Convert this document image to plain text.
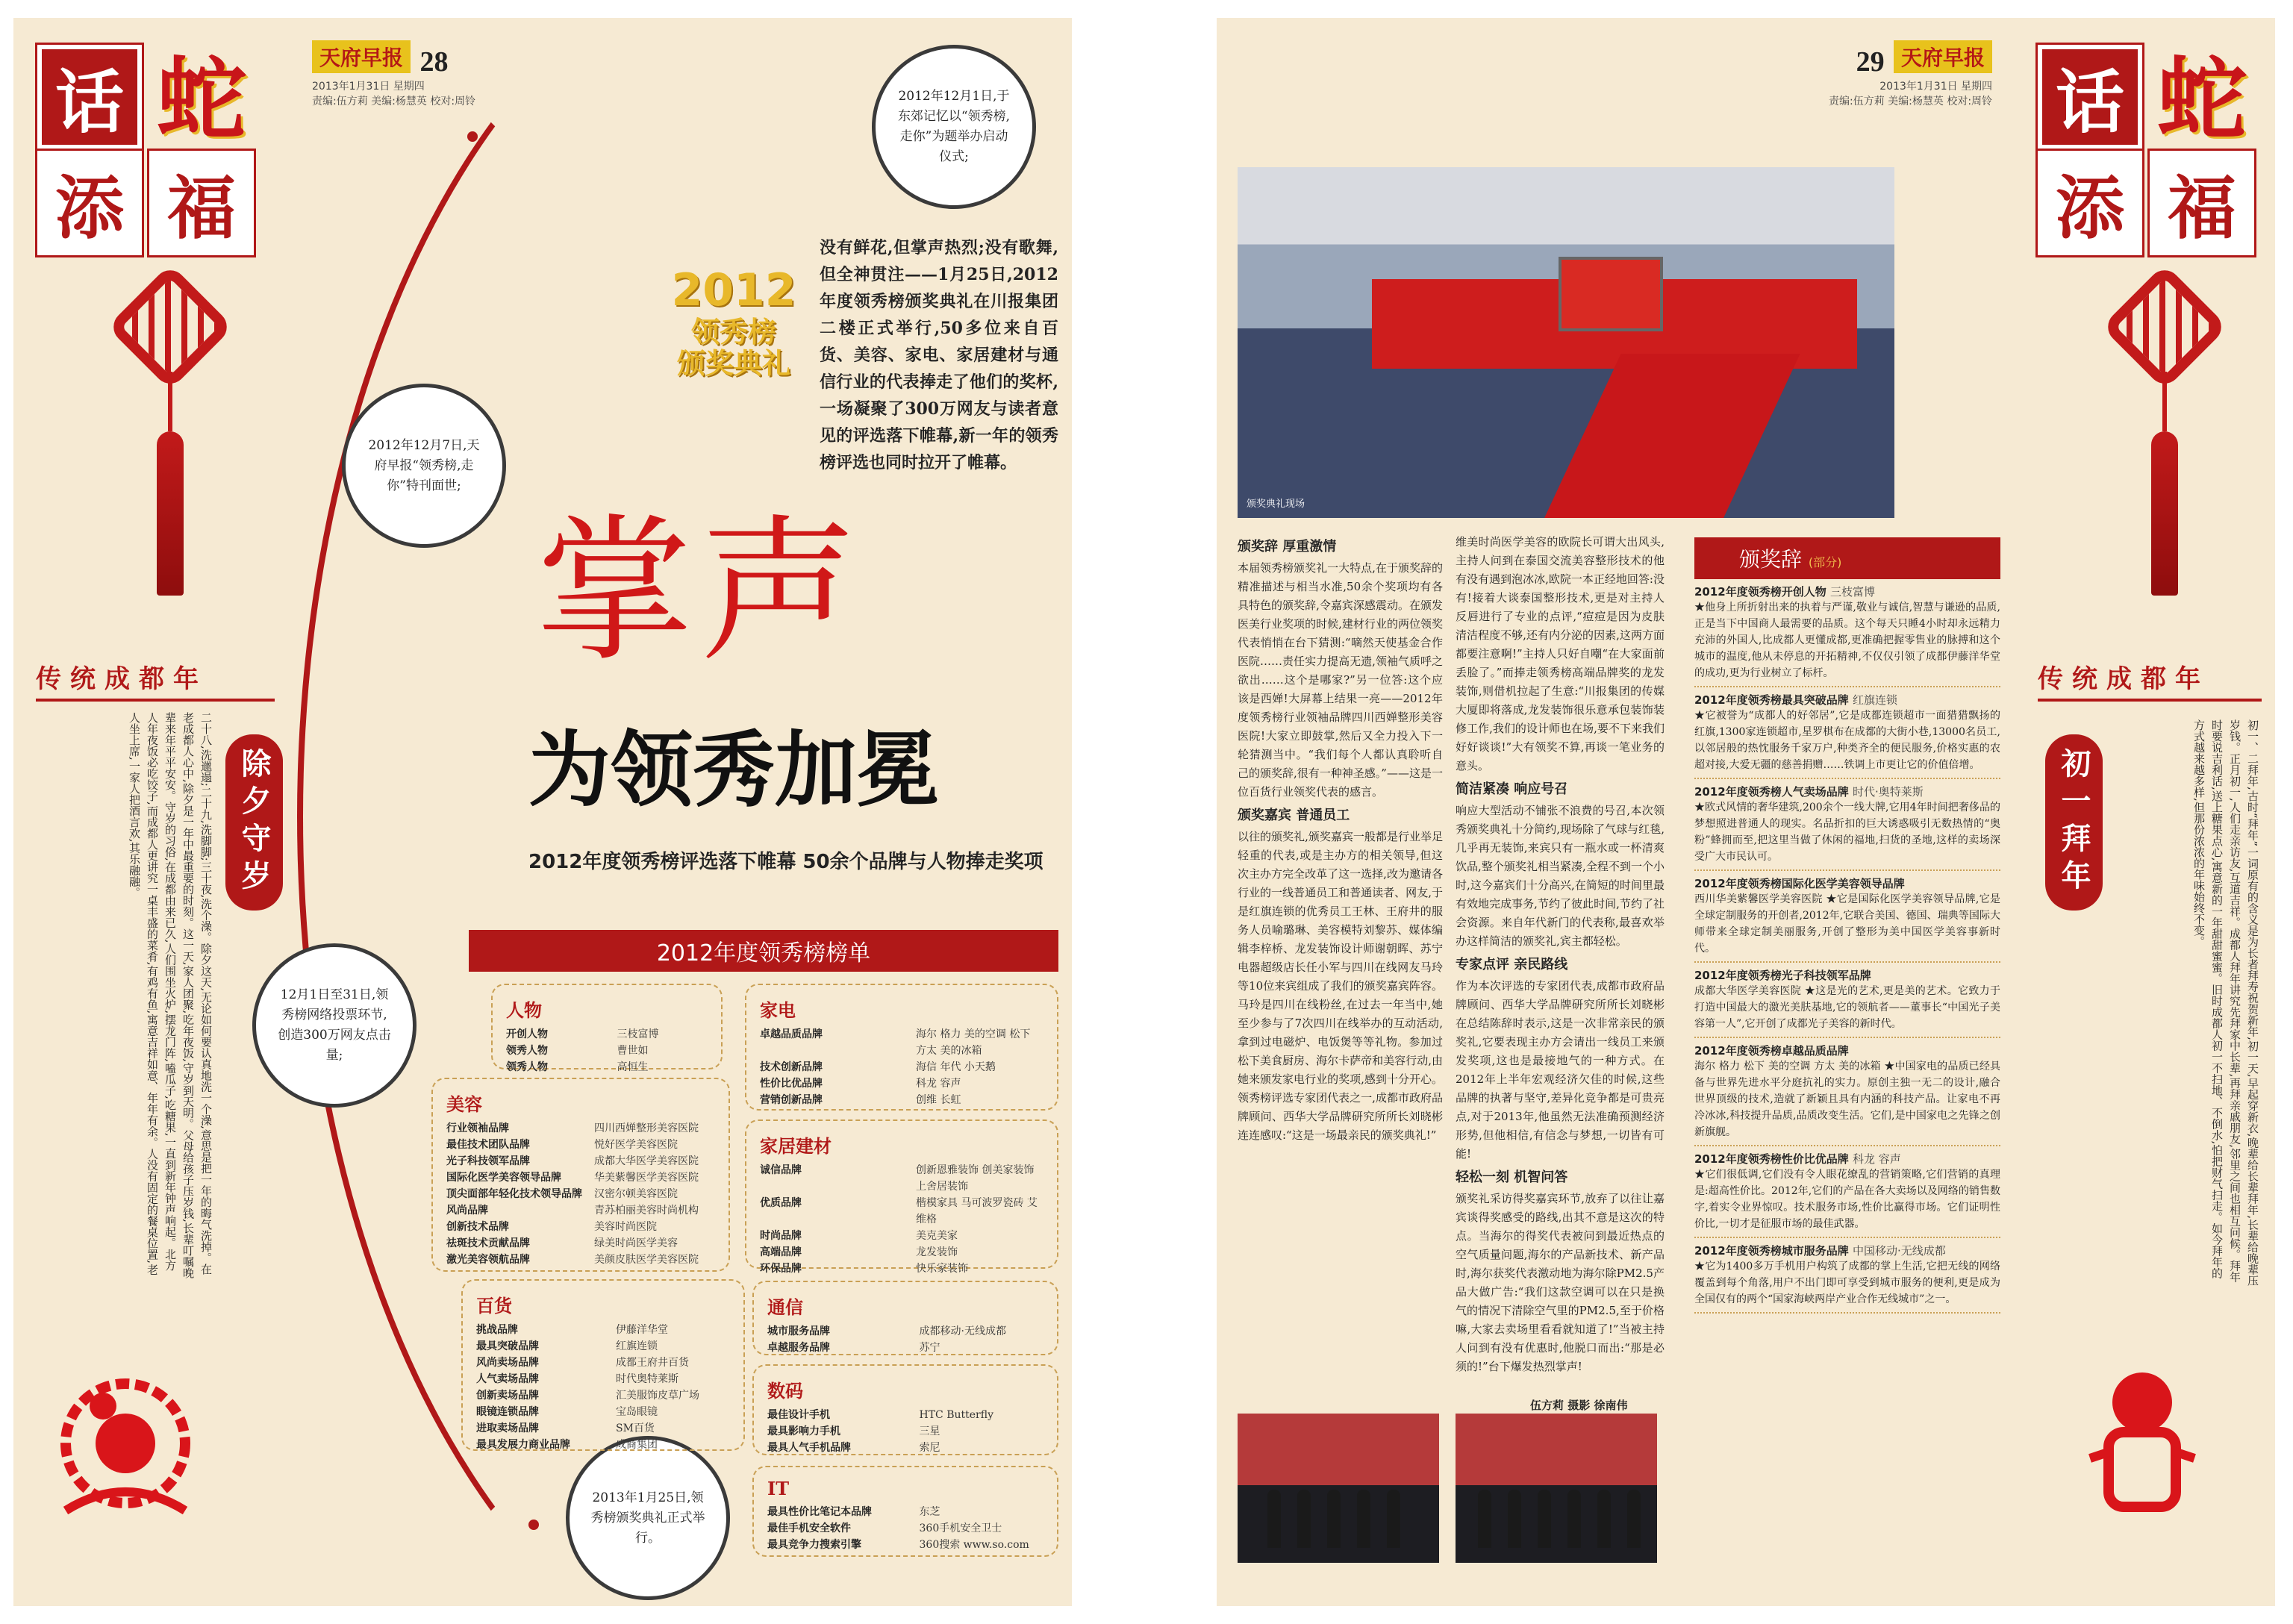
天府早报 28
2013年1月31日 星期四
责编:伍方莉 美编:杨慧英 校对:周铃
话
添 福
蛇
传统成都年
二十八,洗邋遢;二十九,洗脚脚;三十夜,洗个澡。除夕这天,无论如何要认真地洗一个澡,意思是把一年的晦气洗掉。在老成都人心中,除夕是一年中最重要的时刻。这一天,家人团聚,吃年夜饭,守岁到天明。父母给孩子压岁钱,长辈叮嘱晚辈来年平平安安。守岁的习俗,在成都由来已久,人们围坐火炉,摆龙门阵,嗑瓜子,吃糖果,一直到新年钟声响起。北方人年夜饭必吃饺子,而成都人更讲究一桌丰盛的菜肴,有鸡有鱼,寓意吉祥如意、年年有余。人没有固定的餐桌位置,老人坐上席,一家人把酒言欢,其乐融融。	除夕守岁
2012年12月1日,于东郊记忆以“领秀榜,走你”为题举办启动仪式;
2012年12月7日,天府早报“领秀榜,走你”特刊面世;
12月1日至31日,领秀榜网络投票环节,创造300万网友点击量;
2013年1月25日,领秀榜颁奖典礼正式举行。
2012
领秀榜
颁奖典礼
没有鲜花,但掌声热烈;没有歌舞,但全神贯注——1月25日,2012年度领秀榜颁奖典礼在川报集团二楼正式举行,50多位来自百货、美容、家电、家居建材与通信行业的代表捧走了他们的奖杯,一场凝聚了300万网友与读者意见的评选落下帷幕,新一年的领秀榜评选也同时拉开了帷幕。
掌声
为领秀加冕
2012年度领秀榜评选落下帷幕 50余个品牌与人物捧走奖项
2012年度领秀榜榜单
人物
开创人物	三枝富博
领秀人物	曹世如
领秀人物	高恒生
美容
行业领袖品牌	四川西婵整形美容医院
最佳技术团队品牌	悦好医学美容医院
光子科技领军品牌	成都大华医学美容医院
国际化医学美容领导品牌	华美紫馨医学美容医院
顶尖面部年轻化技术领导品牌	汉密尔顿美容医院
风尚品牌	青苏柏丽美容时尚机构
创新技术品牌	美容时尚医院
祛斑技术贡献品牌	绿美时尚医学美容
激光美容领航品牌	美颜皮肤医学美容医院
百货
挑战品牌	伊藤洋华堂
最具突破品牌	红旗连锁
风尚卖场品牌	成都王府井百货
人气卖场品牌	时代奥特莱斯
创新卖场品牌	汇美服饰皮草广场
眼镜连锁品牌	宝岛眼镜
进取卖场品牌	SM百货
最具发展力商业品牌	成商集团
家电
卓越品质品牌	海尔 格力 美的空调 松下 方太 美的冰箱
技术创新品牌	海信 年代 小天鹅
性价比优品牌	科龙 容声
营销创新品牌	创维 长虹
家居建材
诚信品牌	创新恩雅装饰 创美家装饰 上舍居装饰
优质品牌	楷模家具 马可波罗瓷砖 艾维格
时尚品牌	美克美家
高端品牌	龙发装饰
环保品牌	快乐家装饰
通信
城市服务品牌	成都移动·无线成都
卓越服务品牌	苏宁
数码
最佳设计手机	HTC Butterfly
最具影响力手机	三星
最具人气手机品牌	索尼
IT
最具性价比笔记本品牌	东芝
最佳手机安全软件	360手机安全卫士
最具竞争力搜索引擎	360搜索 www.so.com
29 天府早报
2013年1月31日 星期四
责编:伍方莉 美编:杨慧英 校对:周铃 话
添 福
蛇
颁奖典礼现场
颁奖辞 厚重激情
本届领秀榜颁奖礼一大特点,在于颁奖辞的精准描述与相当水准,50余个奖项均有各具特色的颁奖辞,令嘉宾深感震动。在颁发医美行业奖项的时候,建材行业的两位领奖代表悄悄在台下猜测:“嘀然天使基金合作医院……责任实力提高无遗,领袖气质呼之欲出……这个是哪家?”另一位答:这个应该是西婵!大屏幕上结果一亮——2012年度领秀榜行业领袖品牌四川西婵整形美容医院!大家立即鼓掌,然后又全力投入下一轮猜测当中。“我们每个人都认真聆听自己的颁奖辞,很有一种神圣感。”——这是一位百货行业领奖代表的感言。
颁奖嘉宾 普通员工
以往的颁奖礼,颁奖嘉宾一般都是行业举足轻重的代表,或是主办方的相关领导,但这次主办方完全改革了这一选择,改为邀请各行业的一线普通员工和普通读者、网友,于是红旗连锁的优秀员工王林、王府井的服务人员喻璐琳、美容模特刘黎苏、媒体编辑李梓桥、龙发装饰设计师谢朝晖、苏宁电器超级店长任小军与四川在线网友马玲等10位来宾组成了我们的颁奖嘉宾阵容。马玲是四川在线粉丝,在过去一年当中,她至少参与了7次四川在线举办的互动活动,拿到过电磁炉、电饭煲等等礼物。参加过松下美食厨房、海尔卡萨帝和美容行动,由她来颁发家电行业的奖项,感到十分开心。领秀榜评选专家团代表之一,成都市政府品牌顾问、西华大学品牌研究所所长刘晓彬连连感叹:“这是一场最亲民的颁奖典礼!”
维美时尚医学美容的欧院长可谓大出风头,主持人问到在泰国交流美容整形技术的他有没有遇到泡冰冰,欧院一本正经地回答:没有!接着大谈泰国整形技术,更是对主持人反唇进行了专业的点评,“痘痘是因为皮肤清洁程度不够,还有内分泌的因素,这两方面都要注意啊!”主持人只好自嘲“在大家面前丢脸了。”而捧走领秀榜高端品牌奖的龙发装饰,则借机拉起了生意:“川报集团的传媒大厦即将落成,龙发装饰很乐意承包装饰装修工作,我们的设计师也在场,要不下来我们好好谈谈!”大有领奖不算,再谈一笔业务的意头。
简洁紧凑 响应号召
响应大型活动不铺张不浪费的号召,本次领秀颁奖典礼十分简约,现场除了气球与红毯,几乎再无装饰,来宾只有一瓶水或一杯清爽饮品,整个颁奖礼相当紧凑,全程不到一个小时,这今嘉宾们十分高兴,在简短的时间里最有效地完成事务,节约了彼此时间,节约了社会资源。来自年代新门的代表称,最喜欢举办这样简洁的颁奖礼,宾主都轻松。
专家点评 亲民路线
作为本次评选的专家团代表,成都市政府品牌顾问、西华大学品牌研究所所长刘晓彬在总结陈辞时表示,这是一次非常亲民的颁奖礼,它要表现主办方会请出一线员工来颁发奖项,这也是最接地气的一种方式。在2012年上半年宏观经济欠佳的时候,这些品牌的执著与坚守,差异化竞争都是可贵亮点,对于2013年,他虽然无法准确预测经济形势,但他相信,有信念与梦想,一切皆有可能!
轻松一刻 机智问答
颁奖礼采访得奖嘉宾环节,放弃了以往让嘉宾谈得奖感受的路线,出其不意是这次的特点。当海尔的得奖代表被问到最近热点的空气质量问题,海尔的产品新技术、新产品时,海尔获奖代表激动地为海尔除PM2.5产品大做广告:“我们这款空调可以在只是换气的情况下清除空气里的PM2.5,至于价格嘛,大家去卖场里看看就知道了!”当被主持人问到有没有优惠时,他脱口而出:“那是必须的!”台下爆发热烈掌声!
伍方莉 摄影 徐南伟
颁奖辞 (部分)
2012年度领秀榜开创人物 三枝富博
★他身上所折射出来的执着与严谨,敬业与诚信,智慧与谦逊的品质,正是当下中国商人最需要的品质。这个每天只睡4小时却永远精力充沛的外国人,比成都人更懂成都,更准确把握零售业的脉搏和这个城市的温度,他从未停息的开拓精神,不仅仅引领了成都伊藤洋华堂的成功,更为行业树立了标杆。
2012年度领秀榜最具突破品牌 红旗连锁
★它被誉为“成都人的好邻居”,它是成都连锁超市一面猎猎飘扬的红旗,1300家连锁超市,星罗棋布在成都的大街小巷,13000名员工,以邻居般的热忱服务千家万户,种类齐全的便民服务,价格实惠的农超对接,大爱无疆的慈善捐赠……铁调上市更让它的价值倍增。
2012年度领秀榜人气卖场品牌 时代·奥特莱斯
★欧式风情的奢华建筑,200余个一线大牌,它用4年时间把奢侈品的梦想照进普通人的现实。名品折扣的巨大诱惑吸引无数热情的“奥粉”蜂拥而至,把这里当做了休闲的福地,扫货的圣地,这样的卖场深受广大市民认可。
2012年度领秀榜国际化医学美容领导品牌
西川华美紫馨医学美容医院 ★它是国际化医学美容领导品牌,它是全球定制服务的开创者,2012年,它联合美国、德国、瑞典等国际大师带来全球定制美丽服务,开创了整形为美中国医学美容事新时代。
2012年度领秀榜光子科技领军品牌
成都大华医学美容医院 ★这是光的艺术,更是美的艺术。它致力于打造中国最大的激光美肤基地,它的领航者——董事长“中国光子美容第一人”,它开创了成都光子美容的新时代。
2012年度领秀榜卓越品质品牌
海尔 格力 松下 美的空调 方太 美的冰箱 ★中国家电的品质已经具备与世界先进水平分庭抗礼的实力。原创主独一无二的设计,融合世界顶级的技术,造就了新颖且具有内涵的科技产品。让家电不再冷冰冰,科技提升品质,品质改变生活。它们,是中国家电之先锋之创新旗舰。
2012年度领秀榜性价比优品牌 科龙 容声
★它们很低调,它们没有令人眼花缭乱的营销策略,它们营销的真理是:超高性价比。2012年,它们的产品在各大卖场以及网络的销售数字,着实令业界惊叹。技术服务市场,性价比赢得市场。它们证明性价比,一切才是征服市场的最佳武器。
2012年度领秀榜城市服务品牌 中国移动·无线成都
★它为1400多万手机用户构筑了成都的掌上生活,它把无线的网络覆盖到每个角落,用户不出门即可享受到城市服务的便利,更是成为全国仅有的两个“国家海峡两岸产业合作无线城市”之一。
传统成都年
初一拜年	初一、二拜年,古时“拜年”一词原有的含义是为长者拜寿祝贺新年,初一天,早起穿新衣,晚辈给长辈拜年,长辈给晚辈压岁钱。正月初一,人们走亲访友,互道吉祥。成都人拜年讲究先拜家中长辈,再拜亲戚朋友,邻里之间也相互问候。拜年时要说吉利话,送上糖果点心,寓意新的一年甜甜蜜蜜。旧时成都人初一不扫地、不倒水,怕把财气扫走。如今拜年的方式越来越多样,但那份浓浓的年味始终不变。
